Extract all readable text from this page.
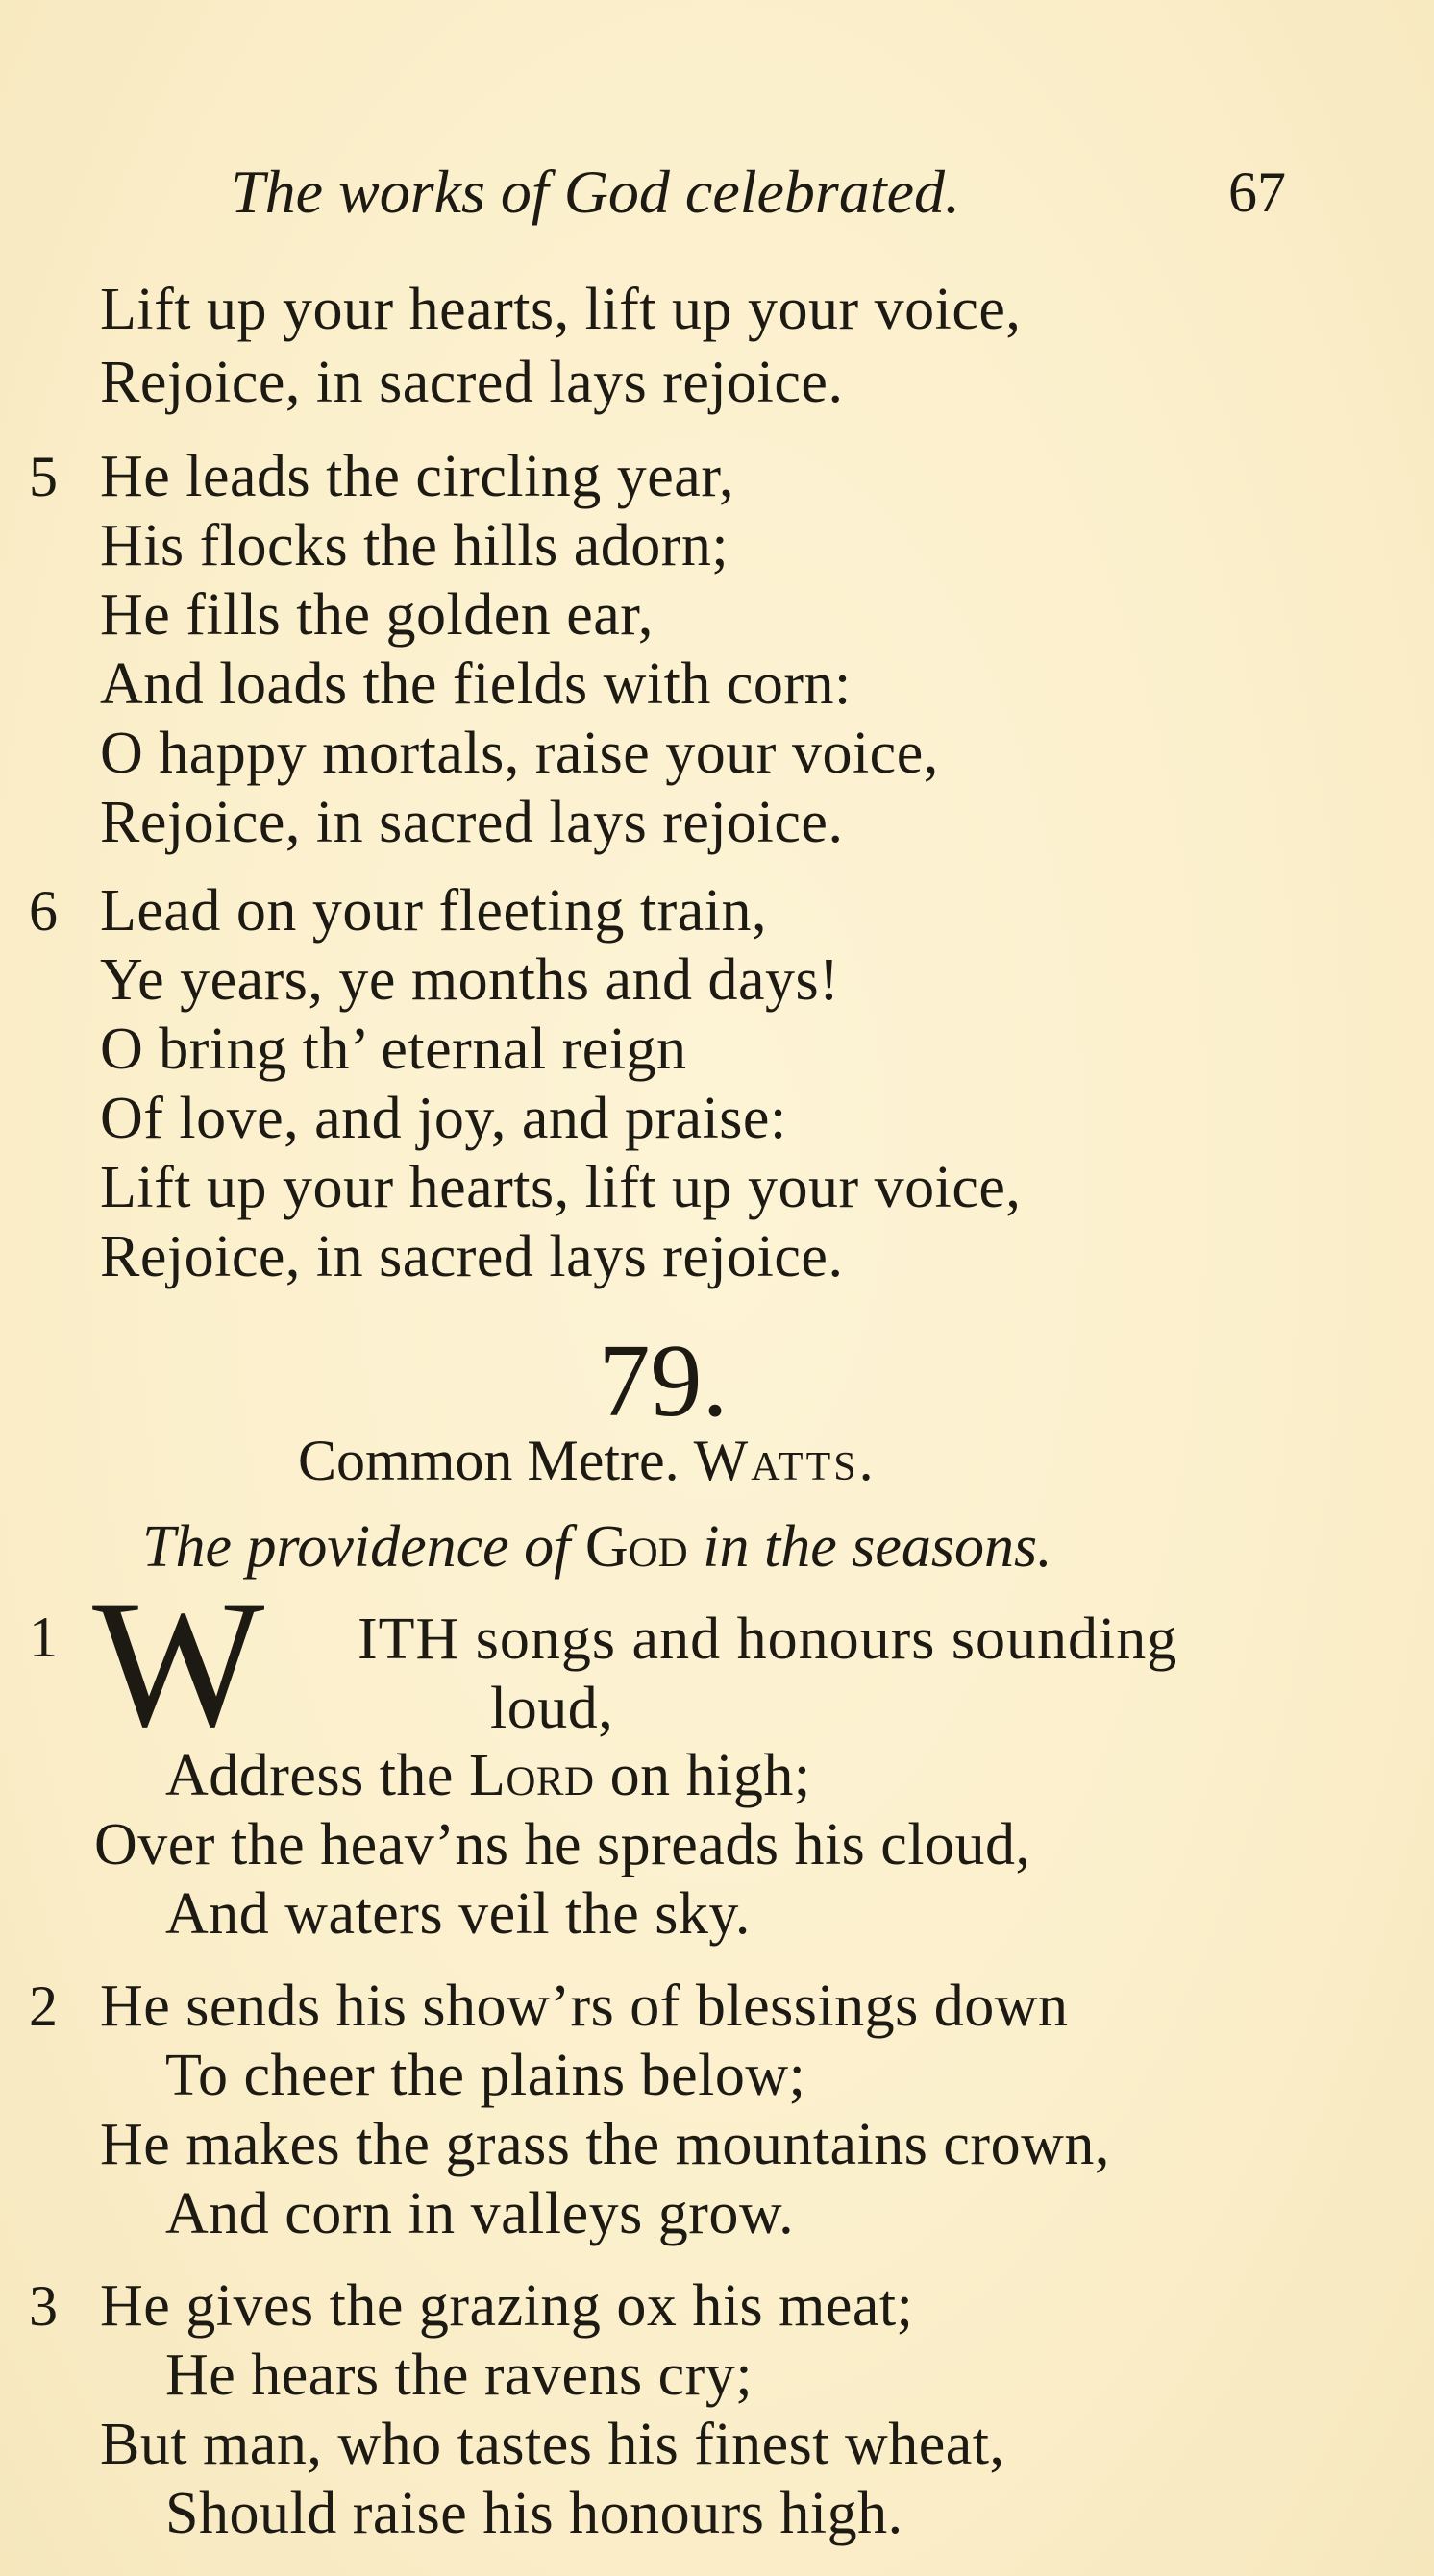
The works of God celebrated.	67
Lift up your hearts, lift up your voice,
Rejoice, in sacred lays rejoice.
5 He leads the circling year,
His flocks the hills adorn;
He fills the golden ear,
And loads the fields with corn:
O happy mortals, raise your voice,
Rejoice, in sacred lays rejoice.
6 Lead on your fleeting train,
Ye years, ye months and days!
O bring th’ eternal reign
Of love, and joy, and praise:
Lift up your hearts, lift up your voice,
Rejoice, in sacred lays rejoice.
79.
Common Metre. Watts.
The providence of God in the seasons.
1 W ITH songs and honours sounding
loud,
Address the Lord on high;
Over the heav’ns he spreads his cloud,
And waters veil the sky.
2 He sends his show’rs of blessings down
To cheer the plains below;
He makes the grass the mountains crown,
And corn in valleys grow.
3 He gives the grazing ox his meat;
He hears the ravens cry;
But man, who tastes his finest wheat,
Should raise his honours high.
